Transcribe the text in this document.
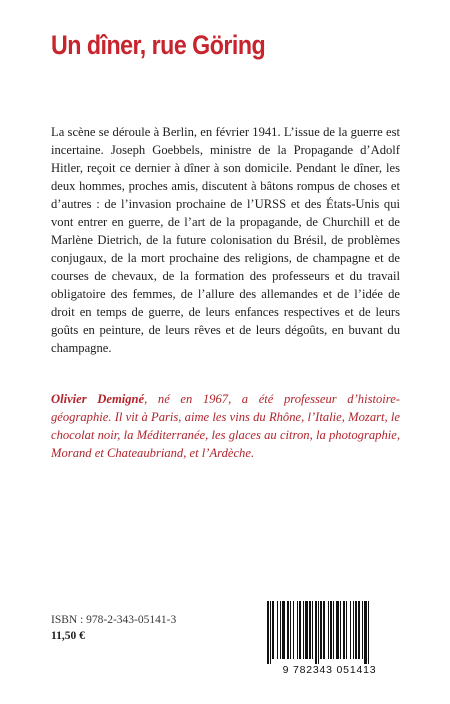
Un dîner, rue Göring

La scène se déroule à Berlin, en février 1941. L’issue de la guerre est incertaine. Joseph Goebbels, ministre de la Propagande d’Adolf Hitler, reçoit ce dernier à dîner à son domicile. Pendant le dîner, les deux hommes, proches amis, discutent à bâtons rompus de choses et d’autres : de l’invasion prochaine de l’URSS et des États-Unis qui vont entrer en guerre, de l’art de la propagande, de Churchill et de Marlène Dietrich, de la future colonisation du Brésil, de problèmes conjugaux, de la mort prochaine des religions, de champagne et de courses de chevaux, de la formation des professeurs et du travail obligatoire des femmes, de l’allure des allemandes et de l’idée de droit en temps de guerre, de leurs enfances respectives et de leurs goûts en peinture, de leurs rêves et de leurs dégoûts, en buvant du champagne.

Olivier Demigné, né en 1967, a été professeur d’histoire-géographie. Il vit à Paris, aime les vins du Rhône, l’Italie, Mozart, le chocolat noir, la Méditerranée, les glaces au citron, la photographie, Morand et Chateaubriand, et l’Ardèche.

ISBN : 978-2-343-05141-3
11,50 €
9 782343 051413
